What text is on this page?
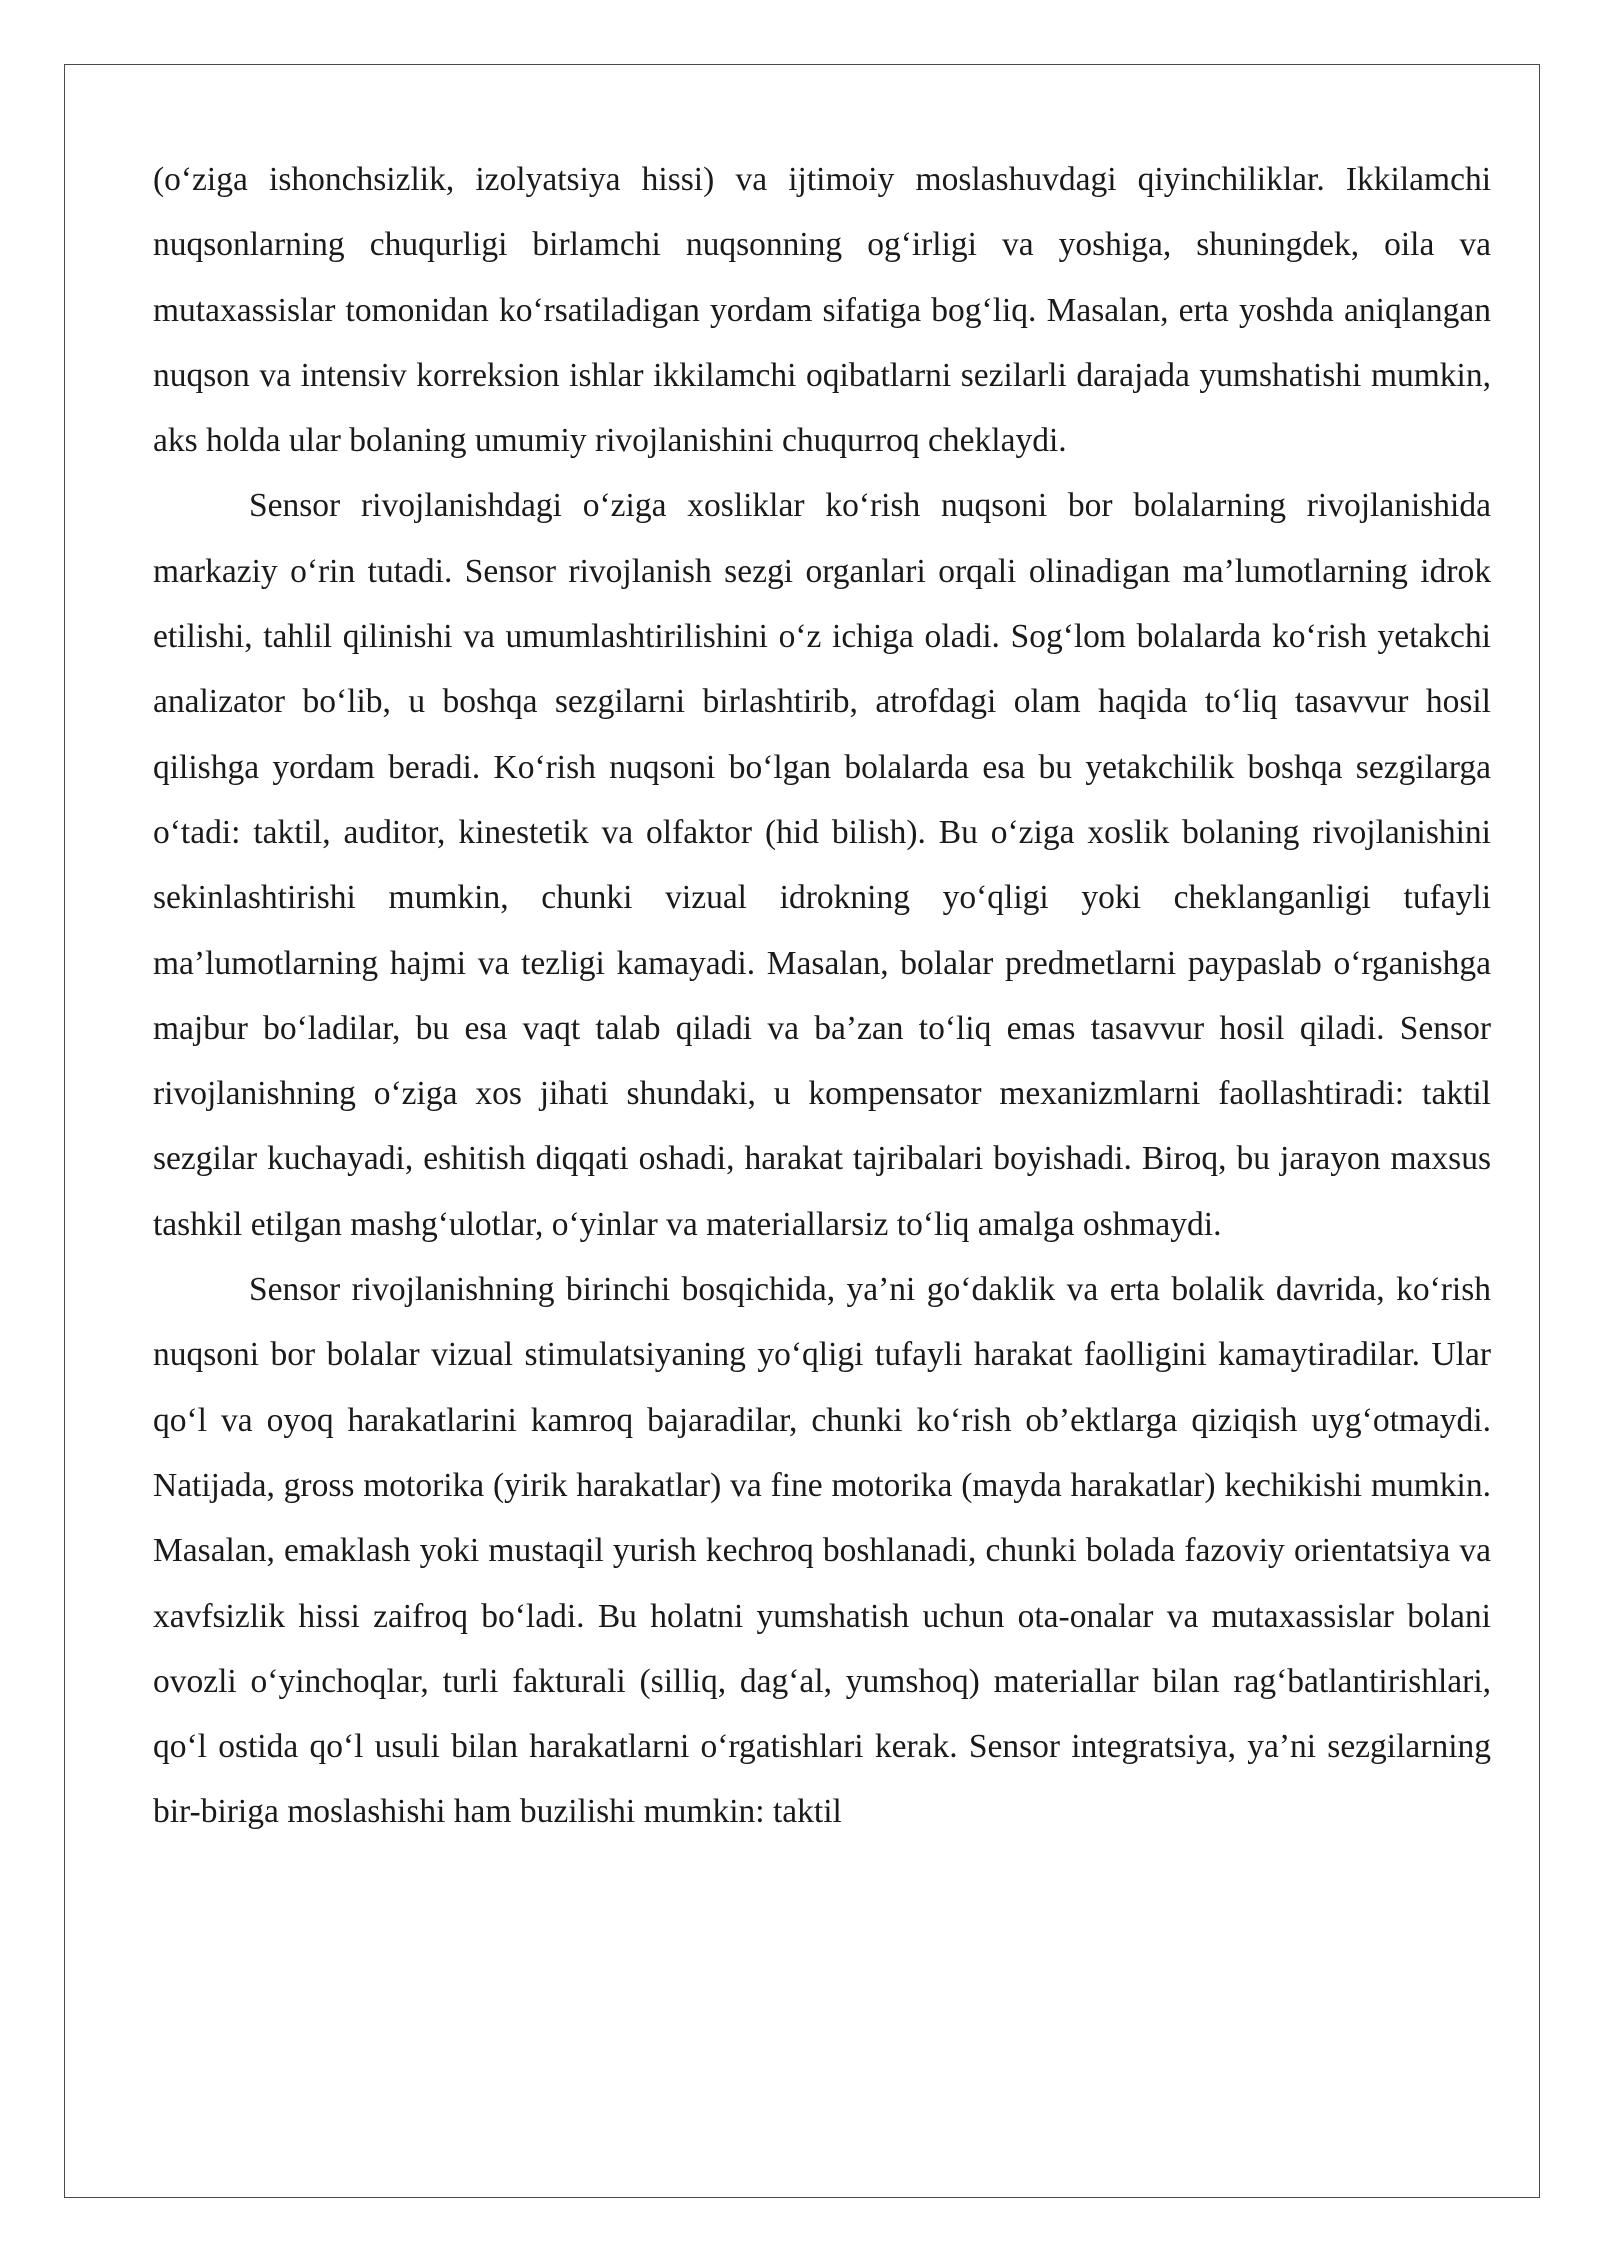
(o‘ziga ishonchsizlik, izolyatsiya hissi) va ijtimoiy moslashuvdagi qiyinchiliklar. Ikkilamchi nuqsonlarning chuqurligi birlamchi nuqsonning og‘irligi va yoshiga, shuningdek, oila va mutaxassislar tomonidan ko‘rsatiladigan yordam sifatiga bog‘liq. Masalan, erta yoshda aniqlangan nuqson va intensiv korreksion ishlar ikkilamchi oqibatlarni sezilarli darajada yumshatishi mumkin, aks holda ular bolaning umumiy rivojlanishini chuqurroq cheklaydi.

Sensor rivojlanishdagi o‘ziga xosliklar ko‘rish nuqsoni bor bolalarning rivojlanishida markaziy o‘rin tutadi. Sensor rivojlanish sezgi organlari orqali olinadigan ma’lumotlarning idrok etilishi, tahlil qilinishi va umumlashtirilishini o‘z ichiga oladi. Sog‘lom bolalarda ko‘rish yetakchi analizator bo‘lib, u boshqa sezgilarni birlashtirib, atrofdagi olam haqida to‘liq tasavvur hosil qilishga yordam beradi. Ko‘rish nuqsoni bo‘lgan bolalarda esa bu yetakchilik boshqa sezgilarga o‘tadi: taktil, auditor, kinestetik va olfaktor (hid bilish). Bu o‘ziga xoslik bolaning rivojlanishini sekinlashtirishi mumkin, chunki vizual idrokning yo‘qligi yoki cheklanganligi tufayli ma’lumotlarning hajmi va tezligi kamayadi. Masalan, bolalar predmetlarni paypaslab o‘rganishga majbur bo‘ladilar, bu esa vaqt talab qiladi va ba’zan to‘liq emas tasavvur hosil qiladi. Sensor rivojlanishning o‘ziga xos jihati shundaki, u kompensator mexanizmlarni faollashtiradi: taktil sezgilar kuchayadi, eshitish diqqati oshadi, harakat tajribalari boyishadi. Biroq, bu jarayon maxsus tashkil etilgan mashg‘ulotlar, o‘yinlar va materiallarsiz to‘liq amalga oshmaydi.

Sensor rivojlanishning birinchi bosqichida, ya’ni go‘daklik va erta bolalik davrida, ko‘rish nuqsoni bor bolalar vizual stimulatsiyaning yo‘qligi tufayli harakat faolligini kamaytiradilar. Ular qo‘l va oyoq harakatlarini kamroq bajaradilar, chunki ko‘rish ob’ektlarga qiziqish uyg‘otmaydi. Natijada, gross motorika (yirik harakatlar) va fine motorika (mayda harakatlar) kechikishi mumkin. Masalan, emaklash yoki mustaqil yurish kechroq boshlanadi, chunki bolada fazoviy orientatsiya va xavfsizlik hissi zaifroq bo‘ladi. Bu holatni yumshatish uchun ota-onalar va mutaxassislar bolani ovozli o‘yinchoqlar, turli fakturali (silliq, dag‘al, yumshoq) materiallar bilan rag‘batlantirishlari, qo‘l ostida qo‘l usuli bilan harakatlarni o‘rgatishlari kerak. Sensor integratsiya, ya’ni sezgilarning bir-biriga moslashishi ham buzilishi mumkin: taktil
